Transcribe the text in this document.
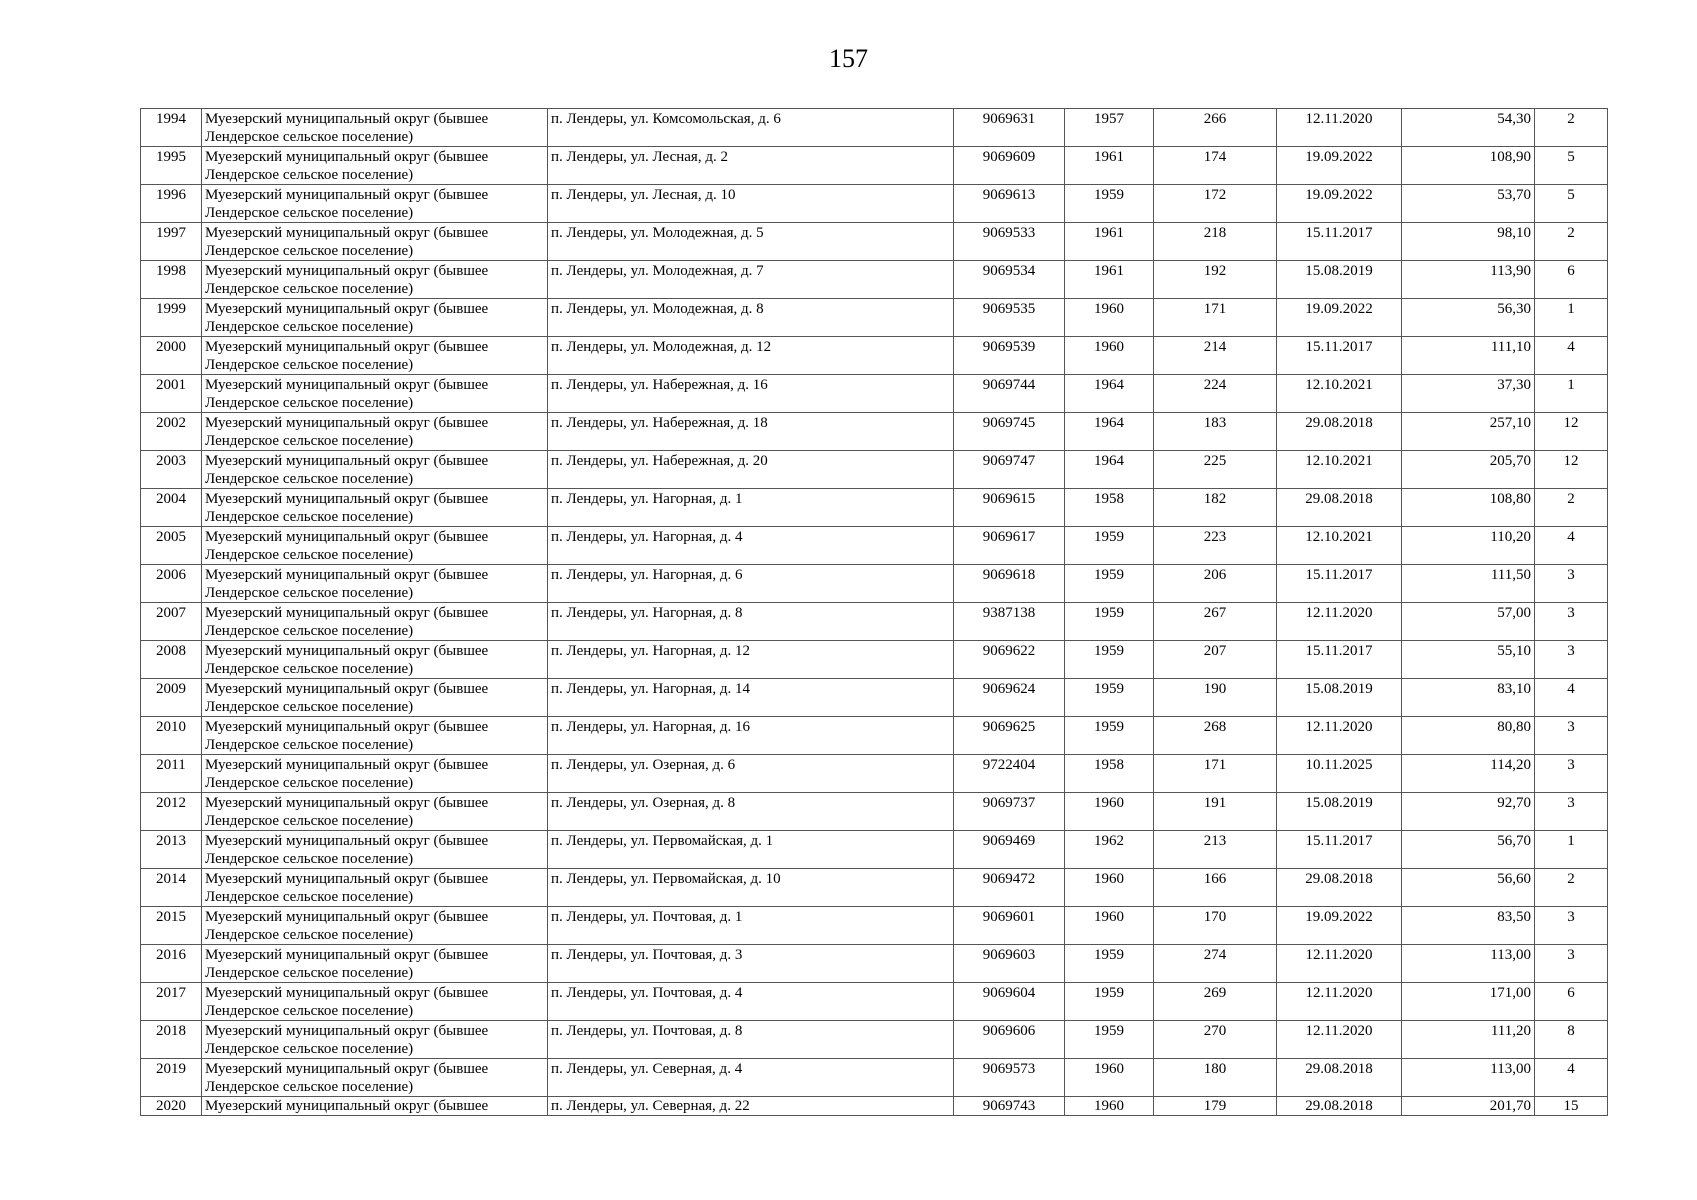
157
1994	Муезерский муниципальный округ (бывшее Лендерское сельское поселение)	п. Лендеры, ул. Комсомольская, д. 6	9069631	1957	266	12.11.2020	54,30	2
1995	Муезерский муниципальный округ (бывшее Лендерское сельское поселение)	п. Лендеры, ул. Лесная, д. 2	9069609	1961	174	19.09.2022	108,90	5
1996	Муезерский муниципальный округ (бывшее Лендерское сельское поселение)	п. Лендеры, ул. Лесная, д. 10	9069613	1959	172	19.09.2022	53,70	5
1997	Муезерский муниципальный округ (бывшее Лендерское сельское поселение)	п. Лендеры, ул. Молодежная, д. 5	9069533	1961	218	15.11.2017	98,10	2
1998	Муезерский муниципальный округ (бывшее Лендерское сельское поселение)	п. Лендеры, ул. Молодежная, д. 7	9069534	1961	192	15.08.2019	113,90	6
1999	Муезерский муниципальный округ (бывшее Лендерское сельское поселение)	п. Лендеры, ул. Молодежная, д. 8	9069535	1960	171	19.09.2022	56,30	1
2000	Муезерский муниципальный округ (бывшее Лендерское сельское поселение)	п. Лендеры, ул. Молодежная, д. 12	9069539	1960	214	15.11.2017	111,10	4
2001	Муезерский муниципальный округ (бывшее Лендерское сельское поселение)	п. Лендеры, ул. Набережная, д. 16	9069744	1964	224	12.10.2021	37,30	1
2002	Муезерский муниципальный округ (бывшее Лендерское сельское поселение)	п. Лендеры, ул. Набережная, д. 18	9069745	1964	183	29.08.2018	257,10	12
2003	Муезерский муниципальный округ (бывшее Лендерское сельское поселение)	п. Лендеры, ул. Набережная, д. 20	9069747	1964	225	12.10.2021	205,70	12
2004	Муезерский муниципальный округ (бывшее Лендерское сельское поселение)	п. Лендеры, ул. Нагорная, д. 1	9069615	1958	182	29.08.2018	108,80	2
2005	Муезерский муниципальный округ (бывшее Лендерское сельское поселение)	п. Лендеры, ул. Нагорная, д. 4	9069617	1959	223	12.10.2021	110,20	4
2006	Муезерский муниципальный округ (бывшее Лендерское сельское поселение)	п. Лендеры, ул. Нагорная, д. 6	9069618	1959	206	15.11.2017	111,50	3
2007	Муезерский муниципальный округ (бывшее Лендерское сельское поселение)	п. Лендеры, ул. Нагорная, д. 8	9387138	1959	267	12.11.2020	57,00	3
2008	Муезерский муниципальный округ (бывшее Лендерское сельское поселение)	п. Лендеры, ул. Нагорная, д. 12	9069622	1959	207	15.11.2017	55,10	3
2009	Муезерский муниципальный округ (бывшее Лендерское сельское поселение)	п. Лендеры, ул. Нагорная, д. 14	9069624	1959	190	15.08.2019	83,10	4
2010	Муезерский муниципальный округ (бывшее Лендерское сельское поселение)	п. Лендеры, ул. Нагорная, д. 16	9069625	1959	268	12.11.2020	80,80	3
2011	Муезерский муниципальный округ (бывшее Лендерское сельское поселение)	п. Лендеры, ул. Озерная, д. 6	9722404	1958	171	10.11.2025	114,20	3
2012	Муезерский муниципальный округ (бывшее Лендерское сельское поселение)	п. Лендеры, ул. Озерная, д. 8	9069737	1960	191	15.08.2019	92,70	3
2013	Муезерский муниципальный округ (бывшее Лендерское сельское поселение)	п. Лендеры, ул. Первомайская, д. 1	9069469	1962	213	15.11.2017	56,70	1
2014	Муезерский муниципальный округ (бывшее Лендерское сельское поселение)	п. Лендеры, ул. Первомайская, д. 10	9069472	1960	166	29.08.2018	56,60	2
2015	Муезерский муниципальный округ (бывшее Лендерское сельское поселение)	п. Лендеры, ул. Почтовая, д. 1	9069601	1960	170	19.09.2022	83,50	3
2016	Муезерский муниципальный округ (бывшее Лендерское сельское поселение)	п. Лендеры, ул. Почтовая, д. 3	9069603	1959	274	12.11.2020	113,00	3
2017	Муезерский муниципальный округ (бывшее Лендерское сельское поселение)	п. Лендеры, ул. Почтовая, д. 4	9069604	1959	269	12.11.2020	171,00	6
2018	Муезерский муниципальный округ (бывшее Лендерское сельское поселение)	п. Лендеры, ул. Почтовая, д. 8	9069606	1959	270	12.11.2020	111,20	8
2019	Муезерский муниципальный округ (бывшее Лендерское сельское поселение)	п. Лендеры, ул. Северная, д. 4	9069573	1960	180	29.08.2018	113,00	4
2020	Муезерский муниципальный округ (бывшее	п. Лендеры, ул. Северная, д. 22	9069743	1960	179	29.08.2018	201,70	15
